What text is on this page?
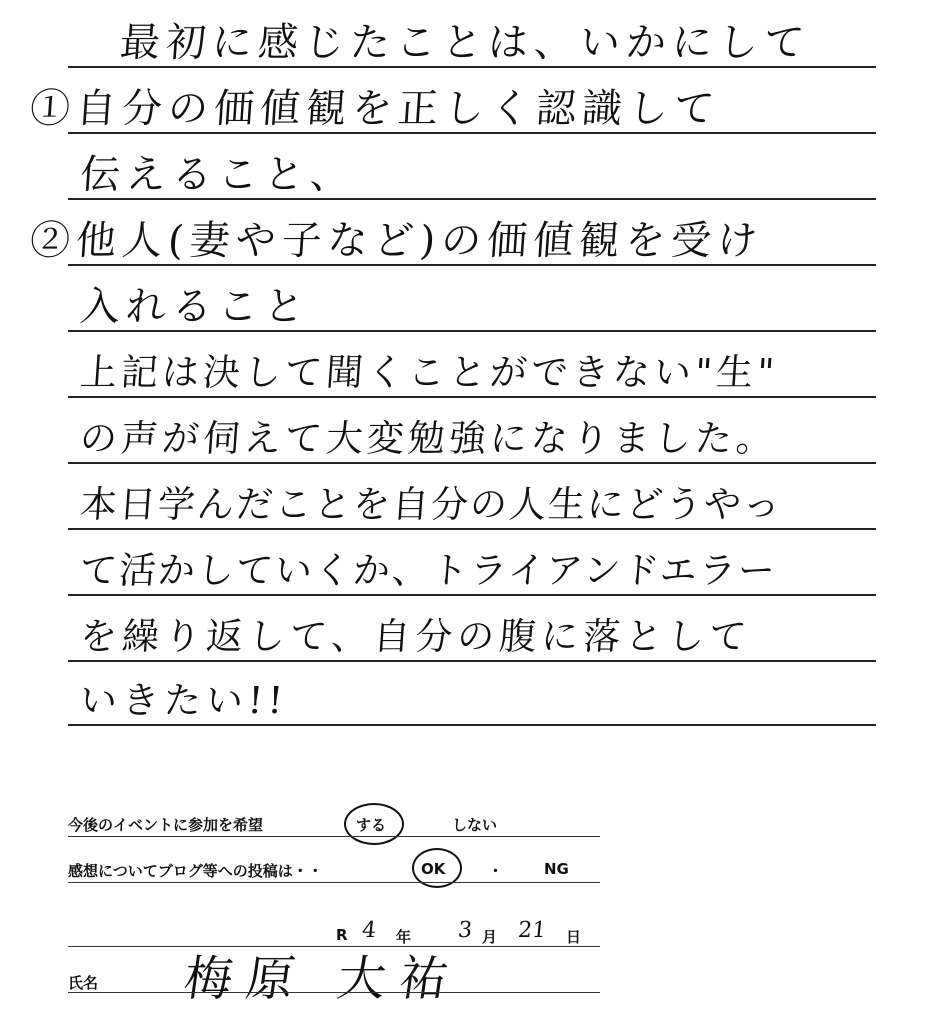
最初に感じたことは、いかにして
①自分の価値観を正しく認識して
伝えること、
②他人(妻や子など)の価値観を受け
入れること
上記は決して聞くことができない"生"
の声が伺えて大変勉強になりました。
本日学んだことを自分の人生にどうやっ
て活かしていくか、トライアンドエラー
を繰り返して、自分の腹に落として
いきたい!!
今後のイベントに参加を希望	する	しない
感想についてブログ等への投稿は・・	OK	・	NG
R 4 年 3 月 21 日
氏名 梅原 大祐
